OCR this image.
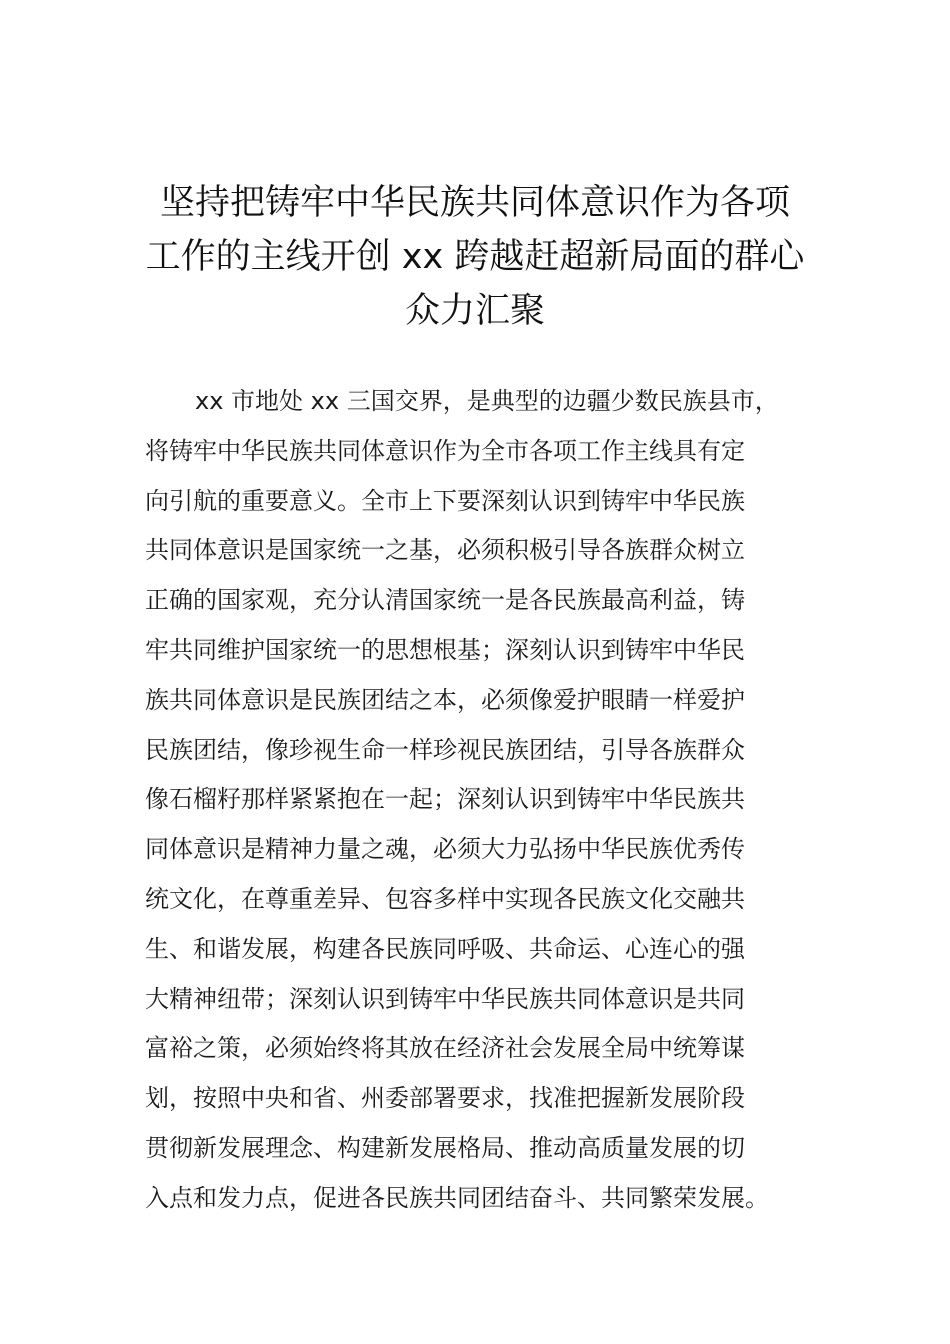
坚持把铸牢中华民族共同体意识作为各项
工作的主线开创 xx 跨越赶超新局面的群心
众力汇聚
xx 市地处 xx 三国交界，是典型的边疆少数民族县市，
将铸牢中华民族共同体意识作为全市各项工作主线具有定
向引航的重要意义。全市上下要深刻认识到铸牢中华民族
共同体意识是国家统一之基，必须积极引导各族群众树立
正确的国家观，充分认清国家统一是各民族最高利益，铸
牢共同维护国家统一的思想根基；深刻认识到铸牢中华民
族共同体意识是民族团结之本，必须像爱护眼睛一样爱护
民族团结，像珍视生命一样珍视民族团结，引导各族群众
像石榴籽那样紧紧抱在一起；深刻认识到铸牢中华民族共
同体意识是精神力量之魂，必须大力弘扬中华民族优秀传
统文化，在尊重差异、包容多样中实现各民族文化交融共
生、和谐发展，构建各民族同呼吸、共命运、心连心的强
大精神纽带；深刻认识到铸牢中华民族共同体意识是共同
富裕之策，必须始终将其放在经济社会发展全局中统筹谋
划，按照中央和省、州委部署要求，找准把握新发展阶段
贯彻新发展理念、构建新发展格局、推动高质量发展的切
入点和发力点，促进各民族共同团结奋斗、共同繁荣发展。
